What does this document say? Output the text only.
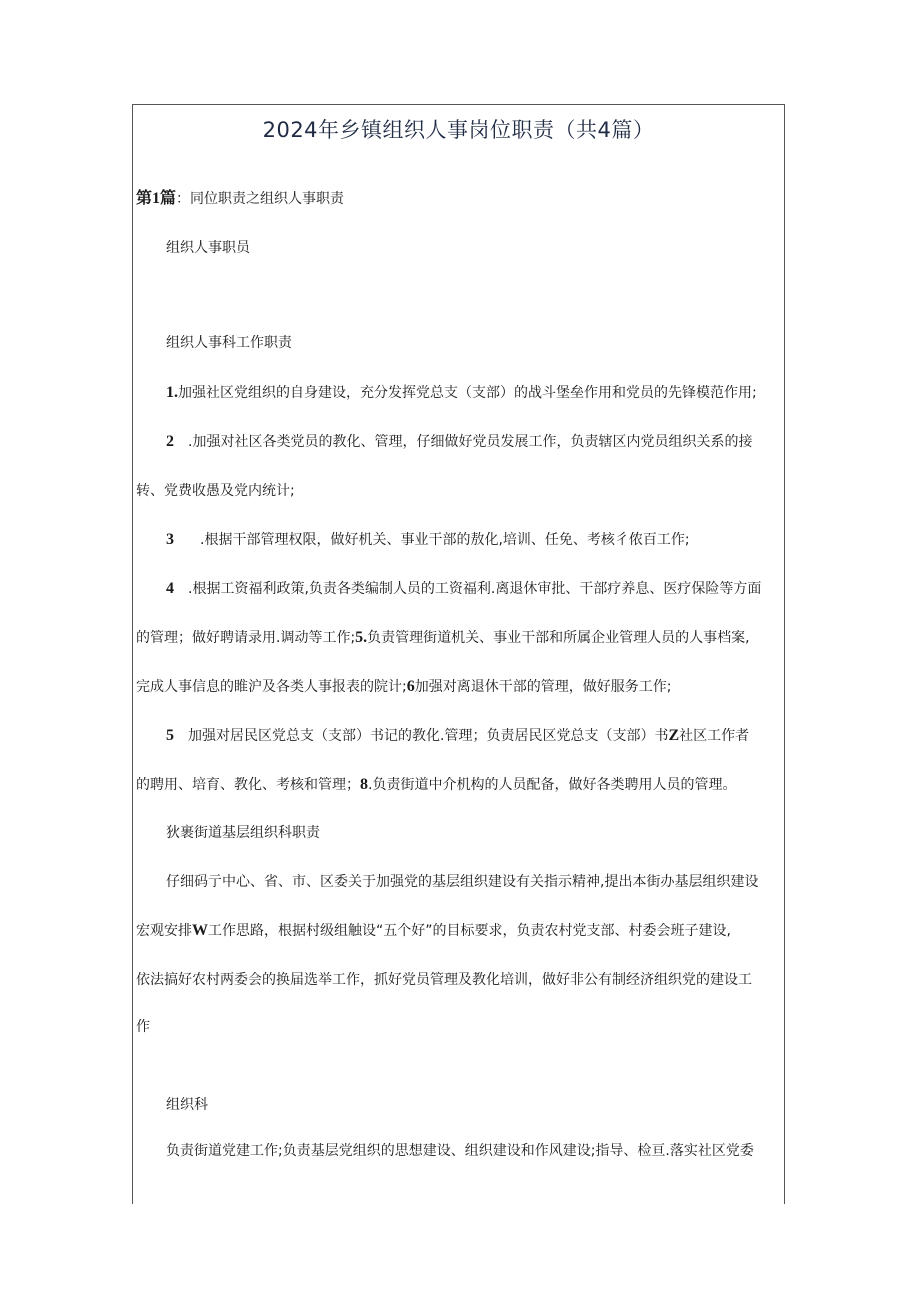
2024年乡镇组织人事岗位职责（共4篇）
第1篇：同位职责之组织人事职责
组织人事职员
组织人事科工作职责
1.加强社区党组织的自身建设，充分发挥党总支（支部）的战斗堡垒作用和党员的先锋模范作用;
2 .加强对社区各类党员的教化、管理，仔细做好党员发展工作，负责辖区内党员组织关系的接
转、党费收愚及党内统计;
3 .根据干部管理权限，做好机关、事业干部的敖化,培训、任免、考核彳侬百工作;
4 .根据工资福利政策,负责各类编制人员的工资福利.离退休审批、干部疗养息、医疗保险等方面
的管理；做好聘请录用.调动等工作;5.负责管理街道机关、事业干部和所属企业管理人员的人事档案,
完成人事信息的睢沪及各类人事报表的院计;6加强对离退休干部的管理，做好服务工作;
5 加强对居民区党总支（支部）书记的教化.管理；负责居民区党总支（支部）书Z社区工作者
的聘用、培育、教化、考核和管理；8.负责街道中介机构的人员配备，做好各类聘用人员的管理。
狄裹街道基层组织科职责
仔细码亍中心、省、市、区委关于加强党的基层组织建设有关指示精神,提出本街办基层组织建设
宏观安排W工作思路，根据村级组触设“五个好”的目标要求，负责农村党支部、村委会班子建设,
依法搞好农村两委会的换届选举工作，抓好党员管理及教化培训，做好非公有制经济组织党的建设工
作
组织科
负责街道党建工作;负责基层党组织的思想建设、组织建设和作风建设;指导、检亘.落实社区党委
